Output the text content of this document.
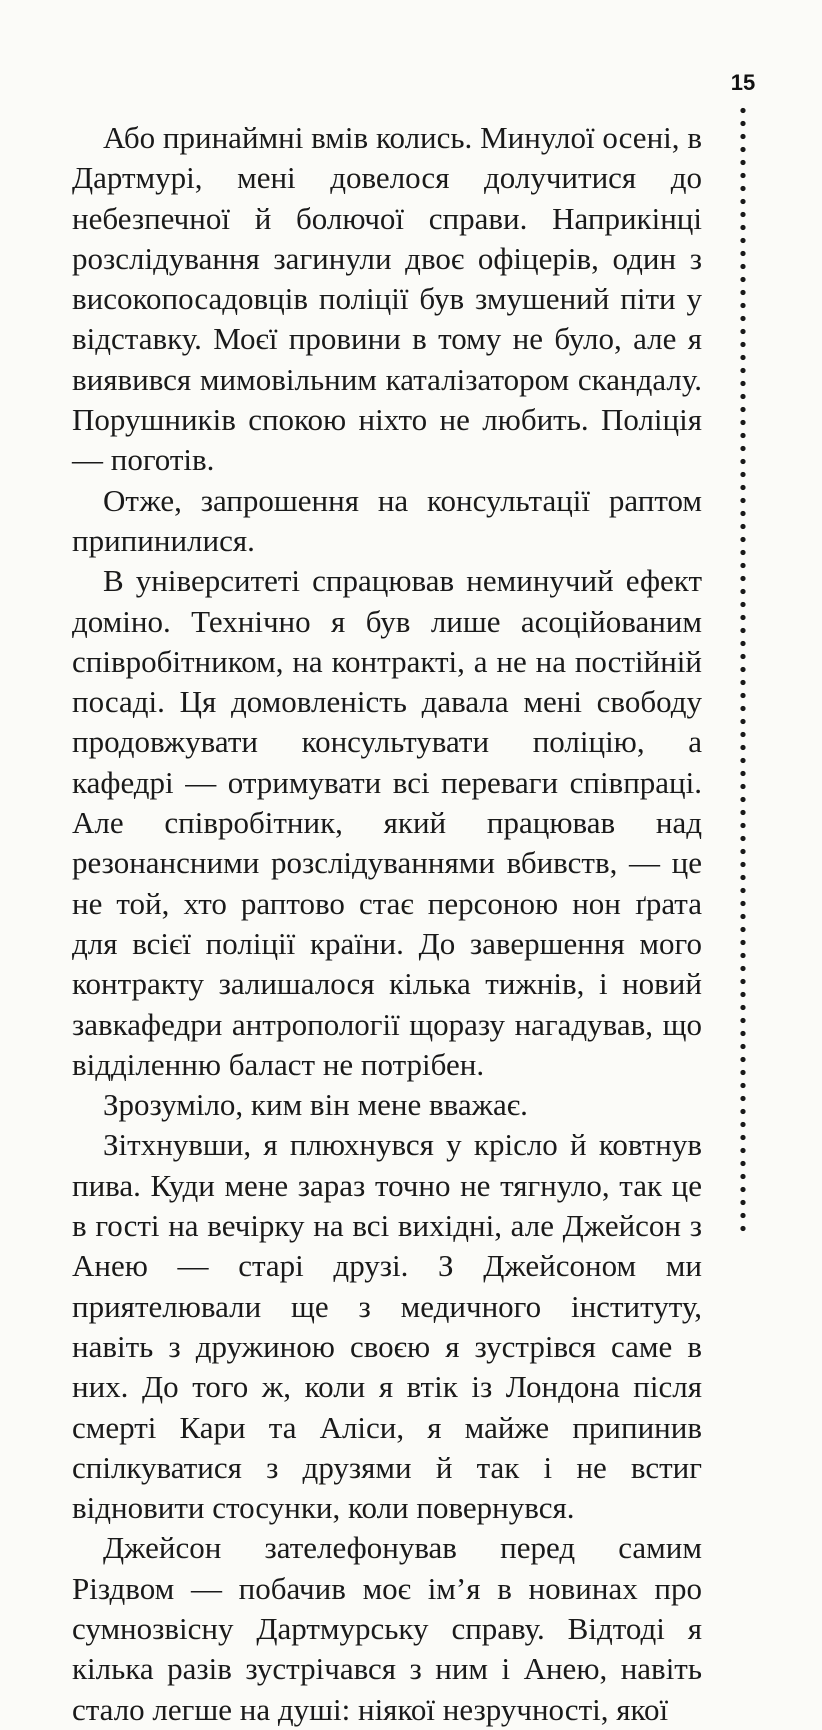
15

Або принаймні вмів колись. Минулої осені, в Дартмурі, мені довелося долучитися до небезпечної й болючої справи. Наприкінці розслідування загинули двоє офіцерів, один з високопосадовців поліції був змушений піти у відставку. Моєї провини в тому не було, але я виявився мимовільним каталізатором скандалу. Порушників спокою ніхто не любить. Поліція — поготів.

Отже, запрошення на консультації раптом припинилися.

В університеті спрацював неминучий ефект доміно. Технічно я був лише асоційованим співробітником, на контракті, а не на постійній посаді. Ця домовленість давала мені свободу продовжувати консультувати поліцію, а кафедрі — отримувати всі переваги співпраці. Але співробітник, який працював над резонансними розслідуваннями вбивств, — це не той, хто раптово стає персоною нон ґрата для всієї поліції країни. До завершення мого контракту залишалося кілька тижнів, і новий завкафедри антропології щоразу нагадував, що відділенню баласт не потрібен.

Зрозуміло, ким він мене вважає.

Зітхнувши, я плюхнувся у крісло й ковтнув пива. Куди мене зараз точно не тягнуло, так це в гості на вечірку на всі вихідні, але Джейсон з Анею — старі друзі. З Джейсоном ми приятелювали ще з медичного інституту, навіть з дружиною своєю я зустрівся саме в них. До того ж, коли я втік із Лондона після смерті Кари та Аліси, я майже припинив спілкуватися з друзями й так і не встиг відновити стосунки, коли повернувся.

Джейсон зателефонував перед самим Різдвом — побачив моє ім’я в новинах про сумнозвісну Дартмурську справу. Відтоді я кілька разів зустрічався з ним і Анею, навіть стало легше на душі: ніякої незручності, якої
